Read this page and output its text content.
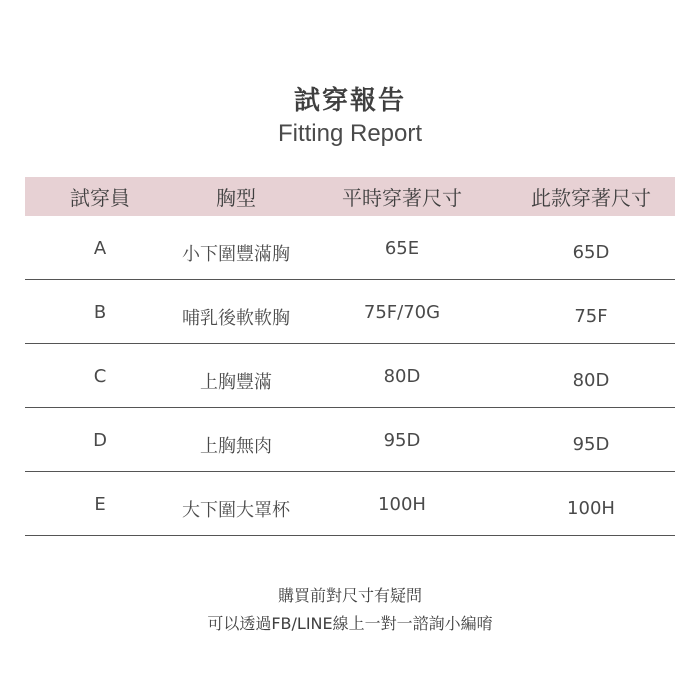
試穿報告
Fitting Report
試穿員	胸型	平時穿著尺寸	此款穿著尺寸
A	小下圍豐滿胸	65E	65D
B	哺乳後軟軟胸	75F/70G	75F
C	上胸豐滿	80D	80D
D	上胸無肉	95D	95D
E	大下圍大罩杯	100H	100H
購買前對尺寸有疑問
可以透過FB/LINE線上一對一諮詢小編唷
